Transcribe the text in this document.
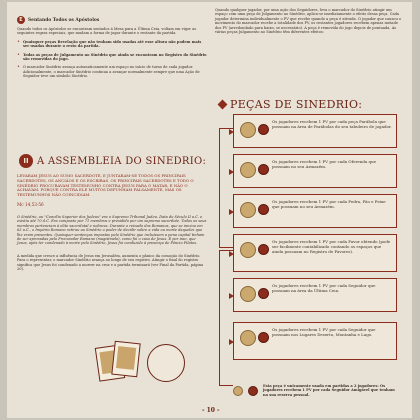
E	Sentando Todos os Apóstolos

Quando todos os Apóstolos se encontram sentados à Mesa para a Última Ceia, voltam em vigor as seguintes regras especiais, que mudam a forma de jogar durante o restante da partida.

• Quaisquer peças Revelação que não tenham sido usadas até esse altura não podem mais ser usadas durante o resto da partida.

• Todas as peças de Julgamento no Sinédrio que ainda se encontram no Registro do Sinédrio são removidas do jogo.

• O marcador Sinédrio avança automaticamente um espaço no início de turno de cada jogador. Adicionalmente, o marcador Sinédrio continua a avançar normalmente sempre que uma Ação de Seguidor teve um símbolo Sinédrio.

II A ASSEMBLEIA DO SINEDRIO:

LEVARAM JESUS AO SUMO SACERDOTE, E JUNTARAM-SE TODOS OS PRINCIPAIS SACERDOTES, OS ANCIÃOS E OS ESCRIBAS. OS PRINCIPAIS SACERDOTES E TODO O SINÉDRIO PROCURAVAM TESTEMUNHO CONTRA JESUS PARA O MATAR, E NÃO O ACHAVAM. PORQUE CONTRA ELE MUITOS DEPUNHAM FALSAMENTE, MAS OS TESTEMUNHOS NÃO COINCIDIAM.

Mc 14,53-56

O Sinédrio, ou "Concílio Superior dos Judeus" era o Supremo Tribunal Judeu. Data do Século II a.C. e existiu até 70 d.C. Era composto por 71 membros e presidido por um supremo sacerdote. Todos os seus membros pertenciam à elite sacerdotal e nobreza. Durante o reinado dos Romanos, que se iniciou em 63 a.C., o Império Romano retirou ao Sinédrio o poder de decidir sobre a vida ou morte daqueles que lhe eram presentes. Quaisquer sentenças impostas pelo Sinédrio que incluíssem a pena capital tinham de ser aprovadas pelo Procurador Romano (magistrado), como foi o caso de Jesus. E por isso, que Jesus, após ter condenado à morte pelo Sinédrio, Jesus foi conduzido à presença de Pôncio Pilatos.

A medida que cresce a influência de Jesus em Jerusalém, aumenta o pânico da comoção do Sinédrio. Para o representar, o marcador Sinédrio avança ao longo de seu registro. Atingir o final do registro significa que Jesus foi condenado a morrer na cruz e a partida terminará (ver Final da Partida, página 20).

Quando qualquer jogador, por uma ação dos Seguidores, leva o marcador do Sinédrio atingir um espaço com uma peça de Julgamento no Sinédrio, aplica-se imediatamente o efeito dessa peça. Cada jogador determina individualmente o PV que recebe quando a peça é ativada. O jogador que causou o movimento do marcador recebe a totalidade dos PV, os restantes jogadores recebem apenas metade dos PV (arredondado para baixo, se necessário). A peça é removida do jogo depois de pontuada. As várias peças Julgamento no Sinédrio têm diferentes efeitos:

PEÇAS DE SINEDRIO:

Os jogadores recebem 1 PV por cada peça Parábola que possuam na área de Parábolas do seu tabuleiro de jogador.

Os jogadores recebem 1 PV por cada Oferenda que possuam no seu Armazém.

Os jogadores recebem 1 PV por cada Pedra, Pão e Peixe que possuam no seu Armazém.

Os jogadores recebem 1 PV por cada Favor obtendo (pode ser facilmente contabilizado contando os espaços que ainda possuam no Registro de Favores).

Os jogadores recebem 1 PV por cada Seguidor que possuam na área da Última Ceia.

Os jogadores recebem 1 PV por cada Seguidor que possuam nos Lugares Deserto, Montanha e Lago.

Esta peça é unicamente usada em partidas a 2 jogadores: Os jogadores recebem 1 PV por cada Seguidor Amigável que tenham na sua reserva pessoal.

- 10 -
